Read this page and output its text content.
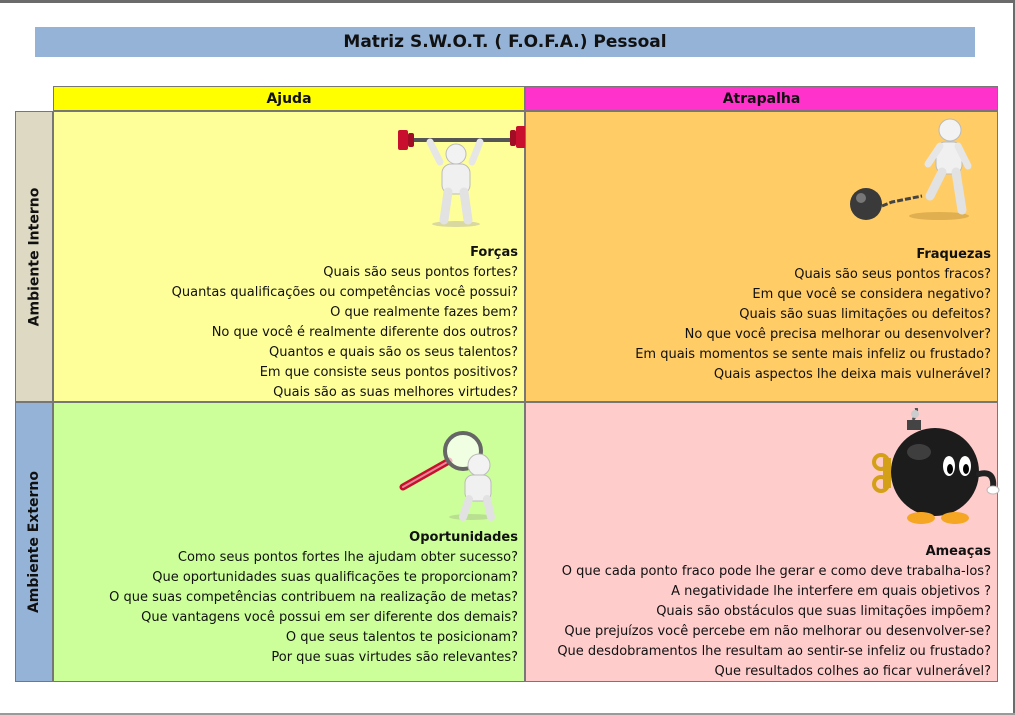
Matriz S.W.O.T. ( F.O.F.A.) Pessoal
Ajuda	Atrapalha
Ambiente Interno
Ambiente Externo
Forças
Quais são seus pontos fortes?
Quantas qualificações ou competências você possui?
O que realmente fazes bem?
No que você é realmente diferente dos outros?
Quantos e quais são os seus talentos?
Em que consiste seus pontos positivos?
Quais são as suas melhores virtudes?
Fraquezas
Quais são seus pontos fracos?
Em que você se considera negativo?
Quais são suas limitações ou defeitos?
No que você precisa melhorar ou desenvolver?
Em quais momentos se sente mais infeliz ou frustado?
Quais aspectos lhe deixa mais vulnerável?
Oportunidades
Como seus pontos fortes lhe ajudam obter sucesso?
Que oportunidades suas qualificações te proporcionam?
O que suas competências contribuem na realização de metas?
Que vantagens você possui em ser diferente dos demais?
O que seus talentos te posicionam?
Por que suas virtudes são relevantes?
Ameaças
O que cada ponto fraco pode lhe gerar e como deve trabalha-los?
A negatividade lhe interfere em quais objetivos ?
Quais são obstáculos que suas limitações impõem?
Que prejuízos você percebe em não melhorar ou desenvolver-se?
Que desdobramentos lhe resultam ao sentir-se infeliz ou frustado?
Que resultados colhes ao ficar vulnerável?
